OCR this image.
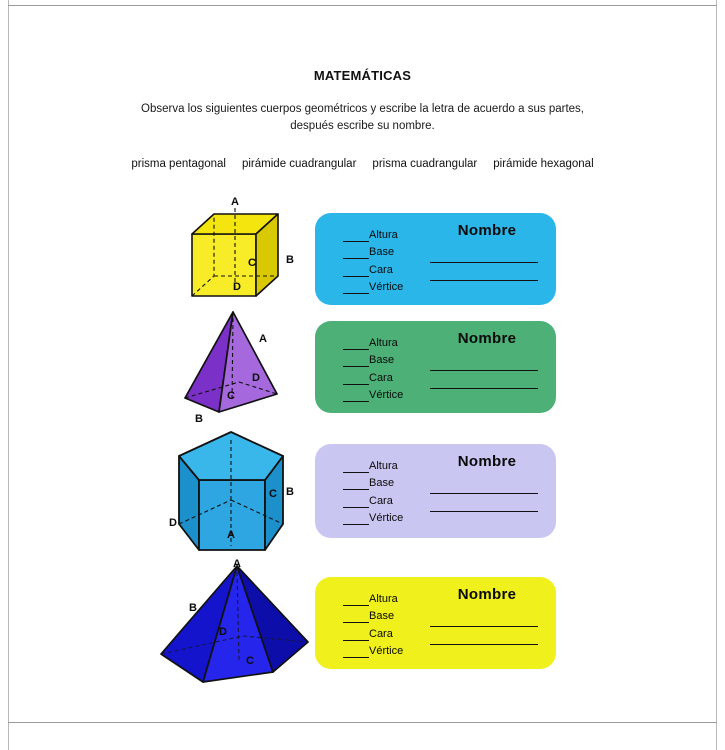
MATEMÁTICAS
Observa los siguientes cuerpos geométricos y escribe la letra de acuerdo a sus partes,
después escribe su nombre.
prisma pentagonal pirámide cuadrangular prisma cuadrangular pirámide hexagonal
A
B
C
D
Altura
Base
Cara
Vértice
Nombre
A
B
C
D
Altura
Base
Cara
Vértice
Nombre
A
B
C
D
Altura
Base
Cara
Vértice
Nombre
A
B
C
D
Altura
Base
Cara
Vértice
Nombre
